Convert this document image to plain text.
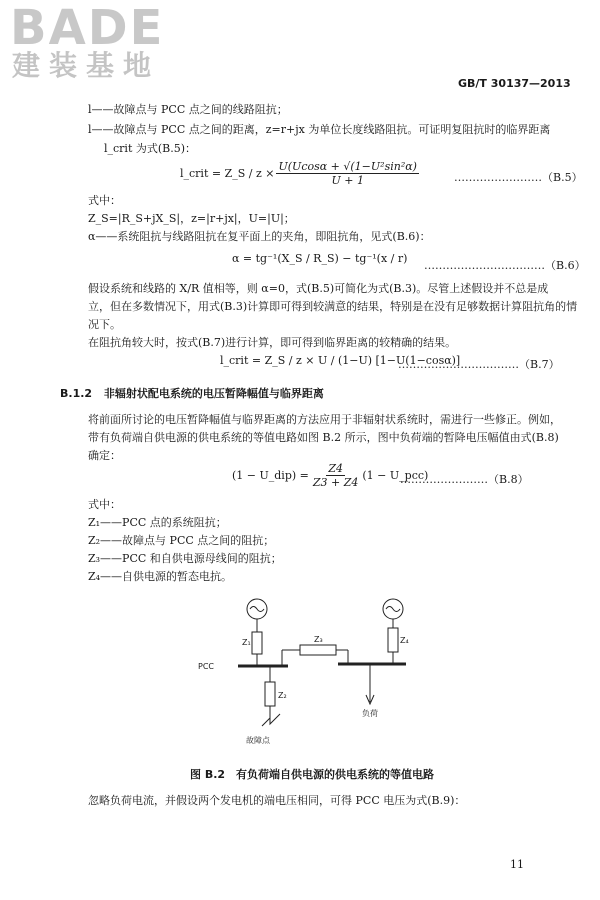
BADE
建装基地
GB/T 30137—2013
l——故障点与 PCC 点之间的线路阻抗；
l——故障点与 PCC 点之间的距离，z=r+jx 为单位长度线路阻抗。可证明复阻抗时的临界距离
l_crit 为式(B.5)：
l_crit = Z_S / $z \times \frac{\text{U(Ucosα + √(1−U²sin²α)}}{U + 1}$	……………………（B.5）
式中：
Z_S=|R_S+jX_S|，z=|r+jx|，U=|U|；
α——系统阻抗与线路阻抗在复平面上的夹角，即阻抗角，见式(B.6)：
α = tg⁻¹(X_S / R_S) − tg⁻¹(x / r)
……………………………（B.6）
假设系统和线路的 X/R 值相等，则 α=0，式(B.5)可简化为式(B.3)。尽管上述假设并不总是成
立，但在多数情况下，用式(B.3)计算即可得到较满意的结果，特别是在没有足够数据计算阻抗角的情
况下。
在阻抗角较大时，按式(B.7)进行计算，即可得到临界距离的较精确的结果。
l_crit = Z_S / z × U / (1−U) [1−U(1−cosα)]
……………………………（B.7）
B.1.2 非辐射状配电系统的电压暂降幅值与临界距离
将前面所讨论的电压暂降幅值与临界距离的方法应用于非辐射状系统时，需进行一些修正。例如，
带有负荷端自供电源的供电系统的等值电路如图 B.2 所示，图中负荷端的暂降电压幅值由式(B.8)
确定：
(1 − U_dip) = $\frac{Z4}{Z3 + Z4} (1$ − U_pcc)
……………………（B.8）
式中：
Z₁——PCC 点的系统阻抗；
Z₂——故障点与 PCC 点之间的阻抗；
Z₃——PCC 和自供电源母线间的阻抗；
Z₄——自供电源的暂态电抗。
Z₁	Z₃	Z₄
Z₂
PCC
负荷
故障点
图 B.2　有负荷端自供电源的供电系统的等值电路
忽略负荷电流，并假设两个发电机的端电压相同，可得 PCC 电压为式(B.9)：
11
